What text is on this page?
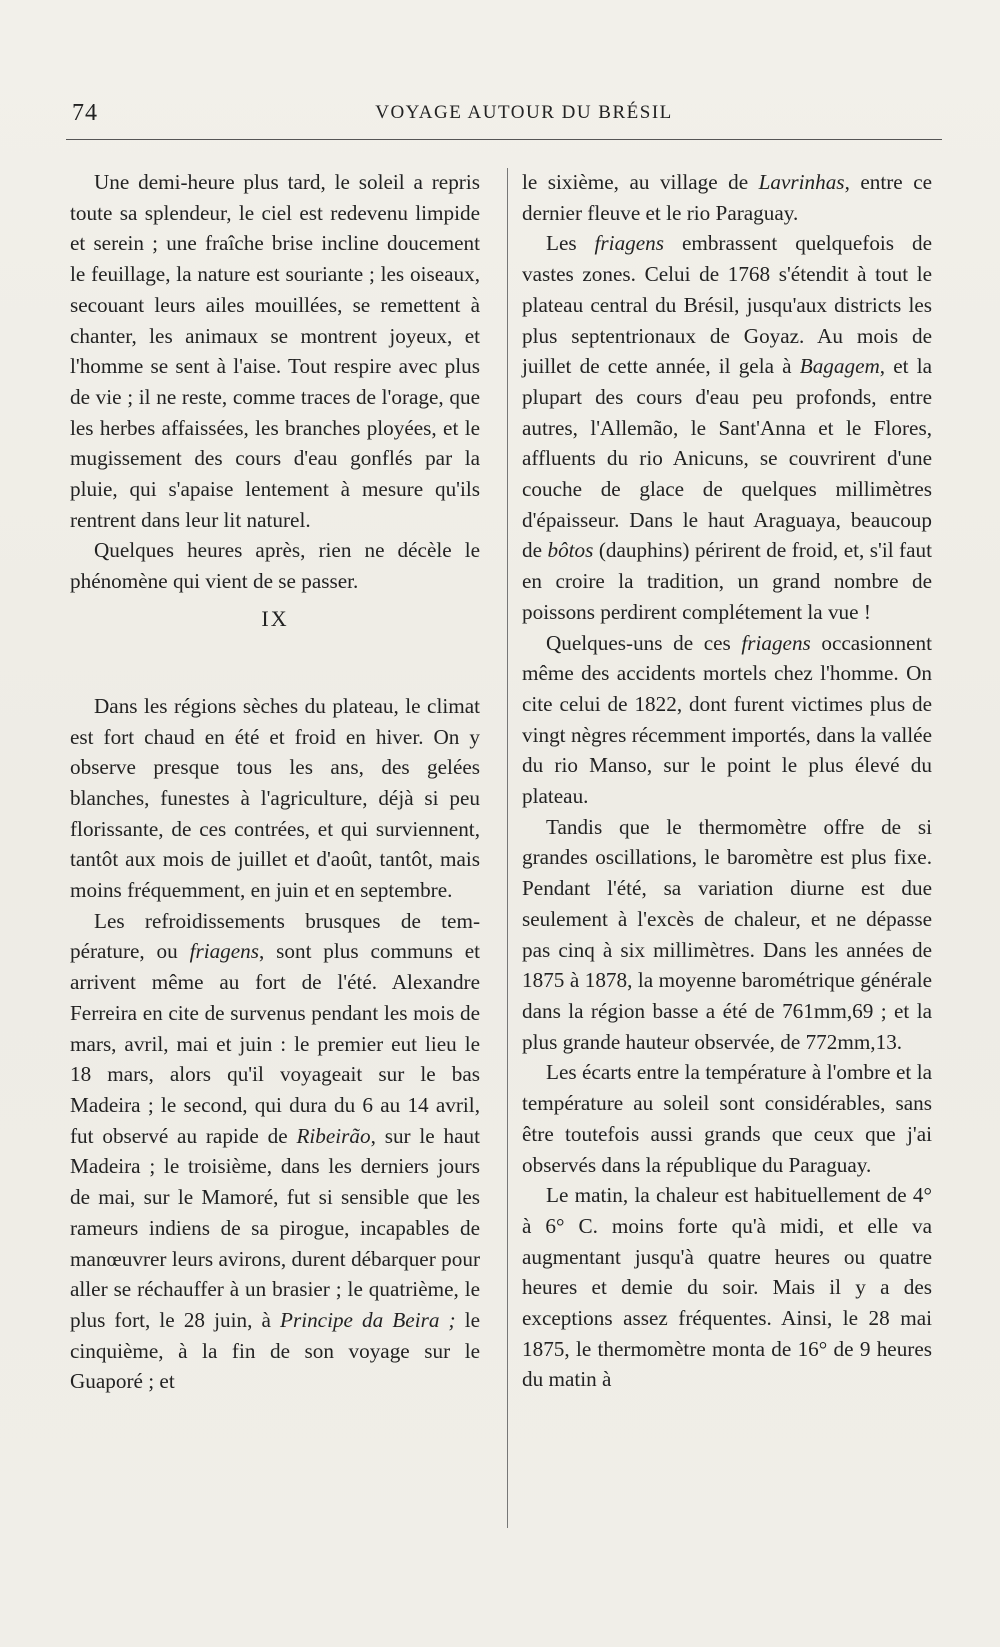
74	VOYAGE AUTOUR DU BRÉSIL

Une demi-heure plus tard, le soleil a repris toute sa splendeur, le ciel est redevenu limpide et serein ; une fraîche brise incline doucement le feuillage, la nature est souriante ; les oiseaux, secouant leurs ailes mouillées, se remettent à chanter, les animaux se montrent joyeux, et l'homme se sent à l'aise. Tout respire avec plus de vie ; il ne reste, comme traces de l'orage, que les herbes affaissées, les branches ployées, et le mugissement des cours d'eau gonflés par la pluie, qui s'apaise lentement à mesure qu'ils rentrent dans leur lit naturel.

Quelques heures après, rien ne décèle le phénomène qui vient de se passer.

IX

Dans les régions sèches du plateau, le climat est fort chaud en été et froid en hiver. On y observe presque tous les ans, des gelées blanches, funestes à l'agriculture, déjà si peu florissante, de ces contrées, et qui surviennent, tantôt aux mois de juillet et d'août, tantôt, mais moins fréquemment, en juin et en septembre.

Les refroidissements brusques de température, ou friagens, sont plus communs et arrivent même au fort de l'été. Alexandre Ferreira en cite de survenus pendant les mois de mars, avril, mai et juin : le premier eut lieu le 18 mars, alors qu'il voyageait sur le bas Madeira ; le second, qui dura du 6 au 14 avril, fut observé au rapide de Ribeirão, sur le haut Madeira ; le troisième, dans les derniers jours de mai, sur le Mamoré, fut si sensible que les rameurs indiens de sa pirogue, incapables de manœuvrer leurs avirons, durent débarquer pour aller se réchauffer à un brasier ; le quatrième, le plus fort, le 28 juin, à Principe da Beira ; le cinquième, à la fin de son voyage sur le Guaporé ; et

le sixième, au village de Lavrinhas, entre ce dernier fleuve et le rio Paraguay.

Les friagens embrassent quelquefois de vastes zones. Celui de 1768 s'étendit à tout le plateau central du Brésil, jusqu'aux districts les plus septentrionaux de Goyaz. Au mois de juillet de cette année, il gela à Bagagem, et la plupart des cours d'eau peu profonds, entre autres, l'Allemão, le Sant'Anna et le Flores, affluents du rio Anicuns, se couvrirent d'une couche de glace de quelques millimètres d'épaisseur. Dans le haut Araguaya, beaucoup de bôtos (dauphins) périrent de froid, et, s'il faut en croire la tradition, un grand nombre de poissons perdirent complétement la vue !

Quelques-uns de ces friagens occasionnent même des accidents mortels chez l'homme. On cite celui de 1822, dont furent victimes plus de vingt nègres récemment importés, dans la vallée du rio Manso, sur le point le plus élevé du plateau.

Tandis que le thermomètre offre de si grandes oscillations, le baromètre est plus fixe. Pendant l'été, sa variation diurne est due seulement à l'excès de chaleur, et ne dépasse pas cinq à six millimètres. Dans les années de 1875 à 1878, la moyenne barométrique générale dans la région basse a été de 761mm,69 ; et la plus grande hauteur observée, de 772mm,13.

Les écarts entre la température à l'ombre et la température au soleil sont considérables, sans être toutefois aussi grands que ceux que j'ai observés dans la république du Paraguay.

Le matin, la chaleur est habituellement de 4° à 6° C. moins forte qu'à midi, et elle va augmentant jusqu'à quatre heures ou quatre heures et demie du soir. Mais il y a des exceptions assez fréquentes. Ainsi, le 28 mai 1875, le thermomètre monta de 16° de 9 heures du matin à
